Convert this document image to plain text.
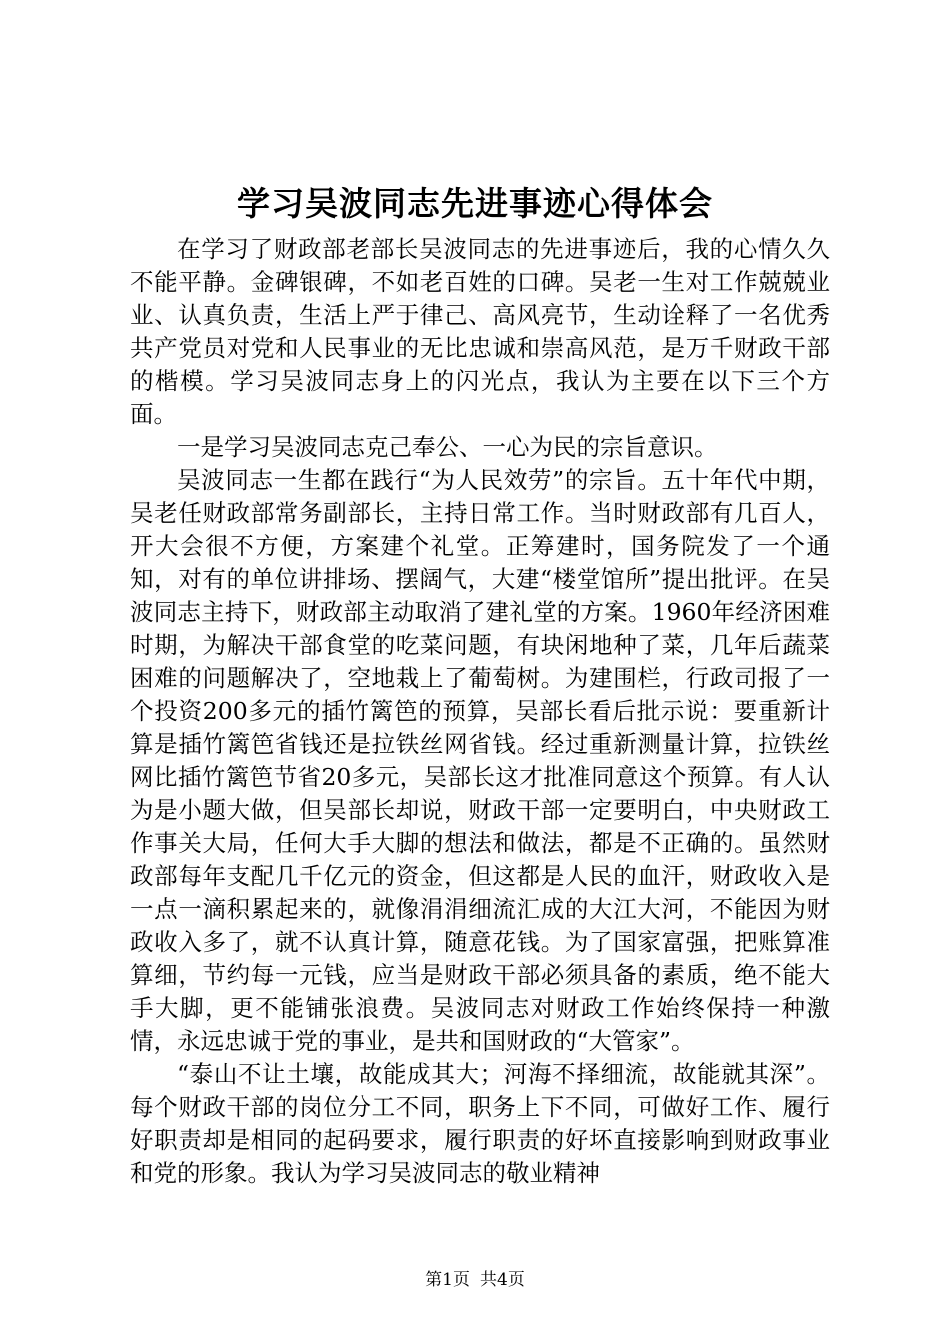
学习吴波同志先进事迹心得体会

在学习了财政部老部长吴波同志的先进事迹后，我的心情久久不能平静。金碑银碑，不如老百姓的口碑。吴老一生对工作兢兢业业、认真负责，生活上严于律己、高风亮节，生动诠释了一名优秀共产党员对党和人民事业的无比忠诚和崇高风范，是万千财政干部的楷模。学习吴波同志身上的闪光点，我认为主要在以下三个方面。

一是学习吴波同志克己奉公、一心为民的宗旨意识。

吴波同志一生都在践行“为人民效劳”的宗旨。五十年代中期，吴老任财政部常务副部长，主持日常工作。当时财政部有几百人，开大会很不方便，方案建个礼堂。正筹建时，国务院发了一个通知，对有的单位讲排场、摆阔气，大建“楼堂馆所”提出批评。在吴波同志主持下，财政部主动取消了建礼堂的方案。1960年经济困难时期，为解决干部食堂的吃菜问题，有块闲地种了菜，几年后蔬菜困难的问题解决了，空地栽上了葡萄树。为建围栏，行政司报了一个投资200多元的插竹篱笆的预算，吴部长看后批示说：要重新计算是插竹篱笆省钱还是拉铁丝网省钱。经过重新测量计算，拉铁丝网比插竹篱笆节省20多元，吴部长这才批准同意这个预算。有人认为是小题大做，但吴部长却说，财政干部一定要明白，中央财政工作事关大局，任何大手大脚的想法和做法，都是不正确的。虽然财政部每年支配几千亿元的资金，但这都是人民的血汗，财政收入是一点一滴积累起来的，就像涓涓细流汇成的大江大河，不能因为财政收入多了，就不认真计算，随意花钱。为了国家富强，把账算准算细，节约每一元钱，应当是财政干部必须具备的素质，绝不能大手大脚，更不能铺张浪费。吴波同志对财政工作始终保持一种激情，永远忠诚于党的事业，是共和国财政的“大管家”。

“泰山不让土壤，故能成其大；河海不择细流，故能就其深”。每个财政干部的岗位分工不同，职务上下不同，可做好工作、履行好职责却是相同的起码要求，履行职责的好坏直接影响到财政事业和党的形象。我认为学习吴波同志的敬业精神

第1页 共4页
